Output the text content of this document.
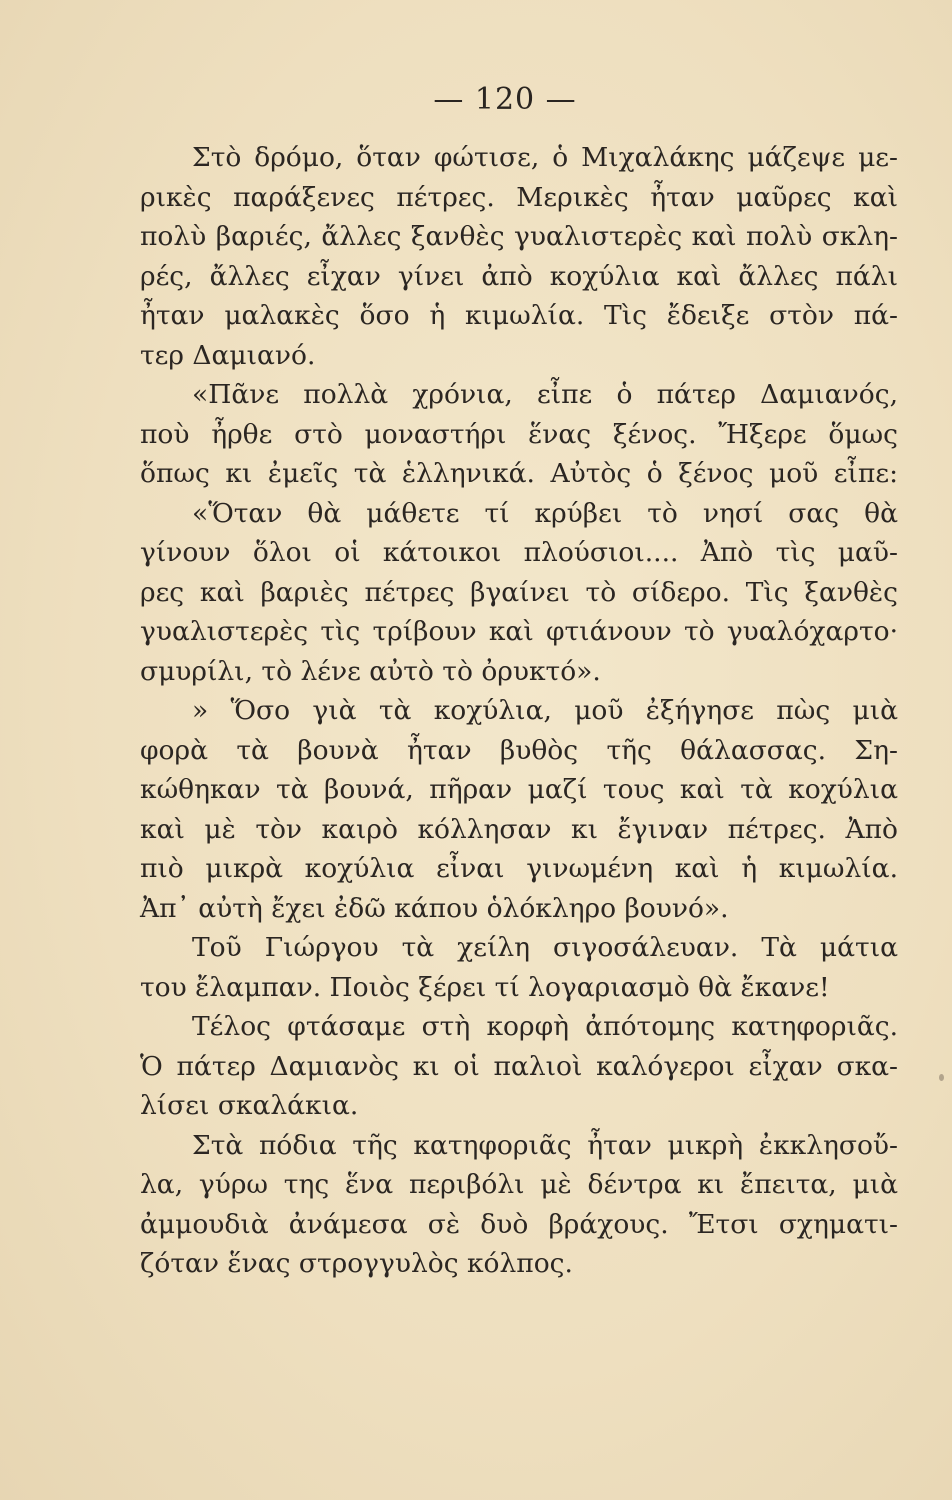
— 120 —
Στὸ δρόμο, ὅταν φώτισε, ὁ Μιχαλάκης μάζεψε με-
ρικὲς παράξενες πέτρες. Μερικὲς ἦταν μαῦρες καὶ
πολὺ βαριές, ἄλλες ξανθὲς γυαλιστερὲς καὶ πολὺ σκλη-
ρές, ἄλλες εἶχαν γίνει ἀπὸ κοχύλια καὶ ἄλλες πάλι
ἦταν μαλακὲς ὅσο ἡ κιμωλία. Τὶς ἔδειξε στὸν πά-
τερ Δαμιανό.
«Πᾶνε πολλὰ χρόνια, εἶπε ὁ πάτερ Δαμιανός,
ποὺ ἦρθε στὸ μοναστήρι ἕνας ξένος. Ἤξερε ὅμως
ὅπως κι ἐμεῖς τὰ ἑλληνικά. Αὐτὸς ὁ ξένος μοῦ εἶπε:
«Ὅταν θὰ μάθετε τί κρύβει τὸ νησί σας θὰ
γίνουν ὅλοι οἱ κάτοικοι πλούσιοι.... Ἀπὸ τὶς μαῦ-
ρες καὶ βαριὲς πέτρες βγαίνει τὸ σίδερο. Τὶς ξανθὲς
γυαλιστερὲς τὶς τρίβουν καὶ φτιάνουν τὸ γυαλόχαρτο·
σμυρίλι, τὸ λένε αὐτὸ τὸ ὀρυκτό».
» Ὅσο γιὰ τὰ κοχύλια, μοῦ ἐξήγησε πὼς μιὰ
φορὰ τὰ βουνὰ ἦταν βυθὸς τῆς θάλασσας. Ση-
κώθηκαν τὰ βουνά, πῆραν μαζί τους καὶ τὰ κοχύλια
καὶ μὲ τὸν καιρὸ κόλλησαν κι ἔγιναν πέτρες. Ἀπὸ
πιὸ μικρὰ κοχύλια εἶναι γινωμένη καὶ ἡ κιμωλία.
Ἀπ᾽ αὐτὴ ἔχει ἐδῶ κάπου ὁλόκληρο βουνό».
Τοῦ Γιώργου τὰ χείλη σιγοσάλευαν. Τὰ μάτια
του ἔλαμπαν. Ποιὸς ξέρει τί λογαριασμὸ θὰ ἔκανε!
Τέλος φτάσαμε στὴ κορφὴ ἀπότομης κατηφοριᾶς.
Ὁ πάτερ Δαμιανὸς κι οἱ παλιοὶ καλόγεροι εἶχαν σκα-
λίσει σκαλάκια.
Στὰ πόδια τῆς κατηφοριᾶς ἦταν μικρὴ ἐκκλησοὔ-
λα, γύρω της ἕνα περιβόλι μὲ δέντρα κι ἔπειτα, μιὰ
ἀμμουδιὰ ἀνάμεσα σὲ δυὸ βράχους. Ἔτσι σχηματι-
ζόταν ἕνας στρογγυλὸς κόλπος.
